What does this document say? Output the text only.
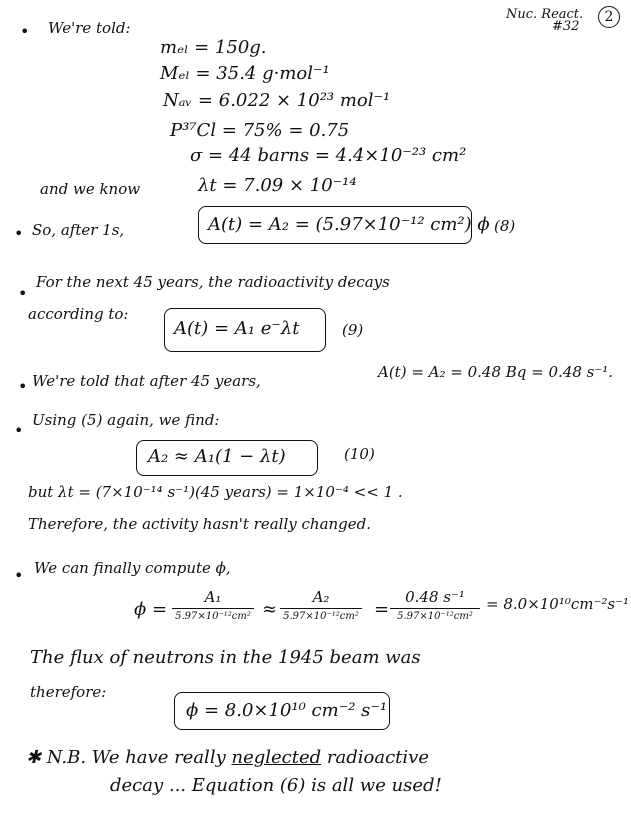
Nuc. React.
#32
2
• We're told:
mₑₗ = 150g.
Mₑₗ = 35.4 g·mol⁻¹
Nₐᵥ = 6.022 × 10²³ mol⁻¹
P³⁷Cl = 75% = 0.75
σ = 44 barns = 4.4×10⁻²³ cm²
and we know	λt = 7.09 × 10⁻¹⁴
• So, after 1s,	A(t) = A₂ = (5.97×10⁻¹² cm²) ϕ (8)
•
For the next 45 years, the radioactivity decays
according to:
A(t) = A₁ e⁻λt	(9)
• We're told that after 45 years,	A(t) = A₂ = 0.48 Bq = 0.48 s⁻¹.
•
Using (5) again, we find:
A₂ ≈ A₁(1 − λt)	(10)
but λt = (7×10⁻¹⁴ s⁻¹)(45 years) = 1×10⁻⁴ << 1 .
Therefore, the activity hasn't really changed.
• We can finally compute ϕ,
ϕ =
A₁
5.97×10⁻¹²cm² ≈
A₂
5.97×10⁻¹²cm² =
0.48 s⁻¹
5.97×10⁻¹²cm²
= 8.0×10¹⁰cm⁻²s⁻¹
The flux of neutrons in the 1945 beam was
therefore:
ϕ = 8.0×10¹⁰ cm⁻² s⁻¹
✱ N.B. We have really neglected radioactive
decay ... Equation (6) is all we used!
